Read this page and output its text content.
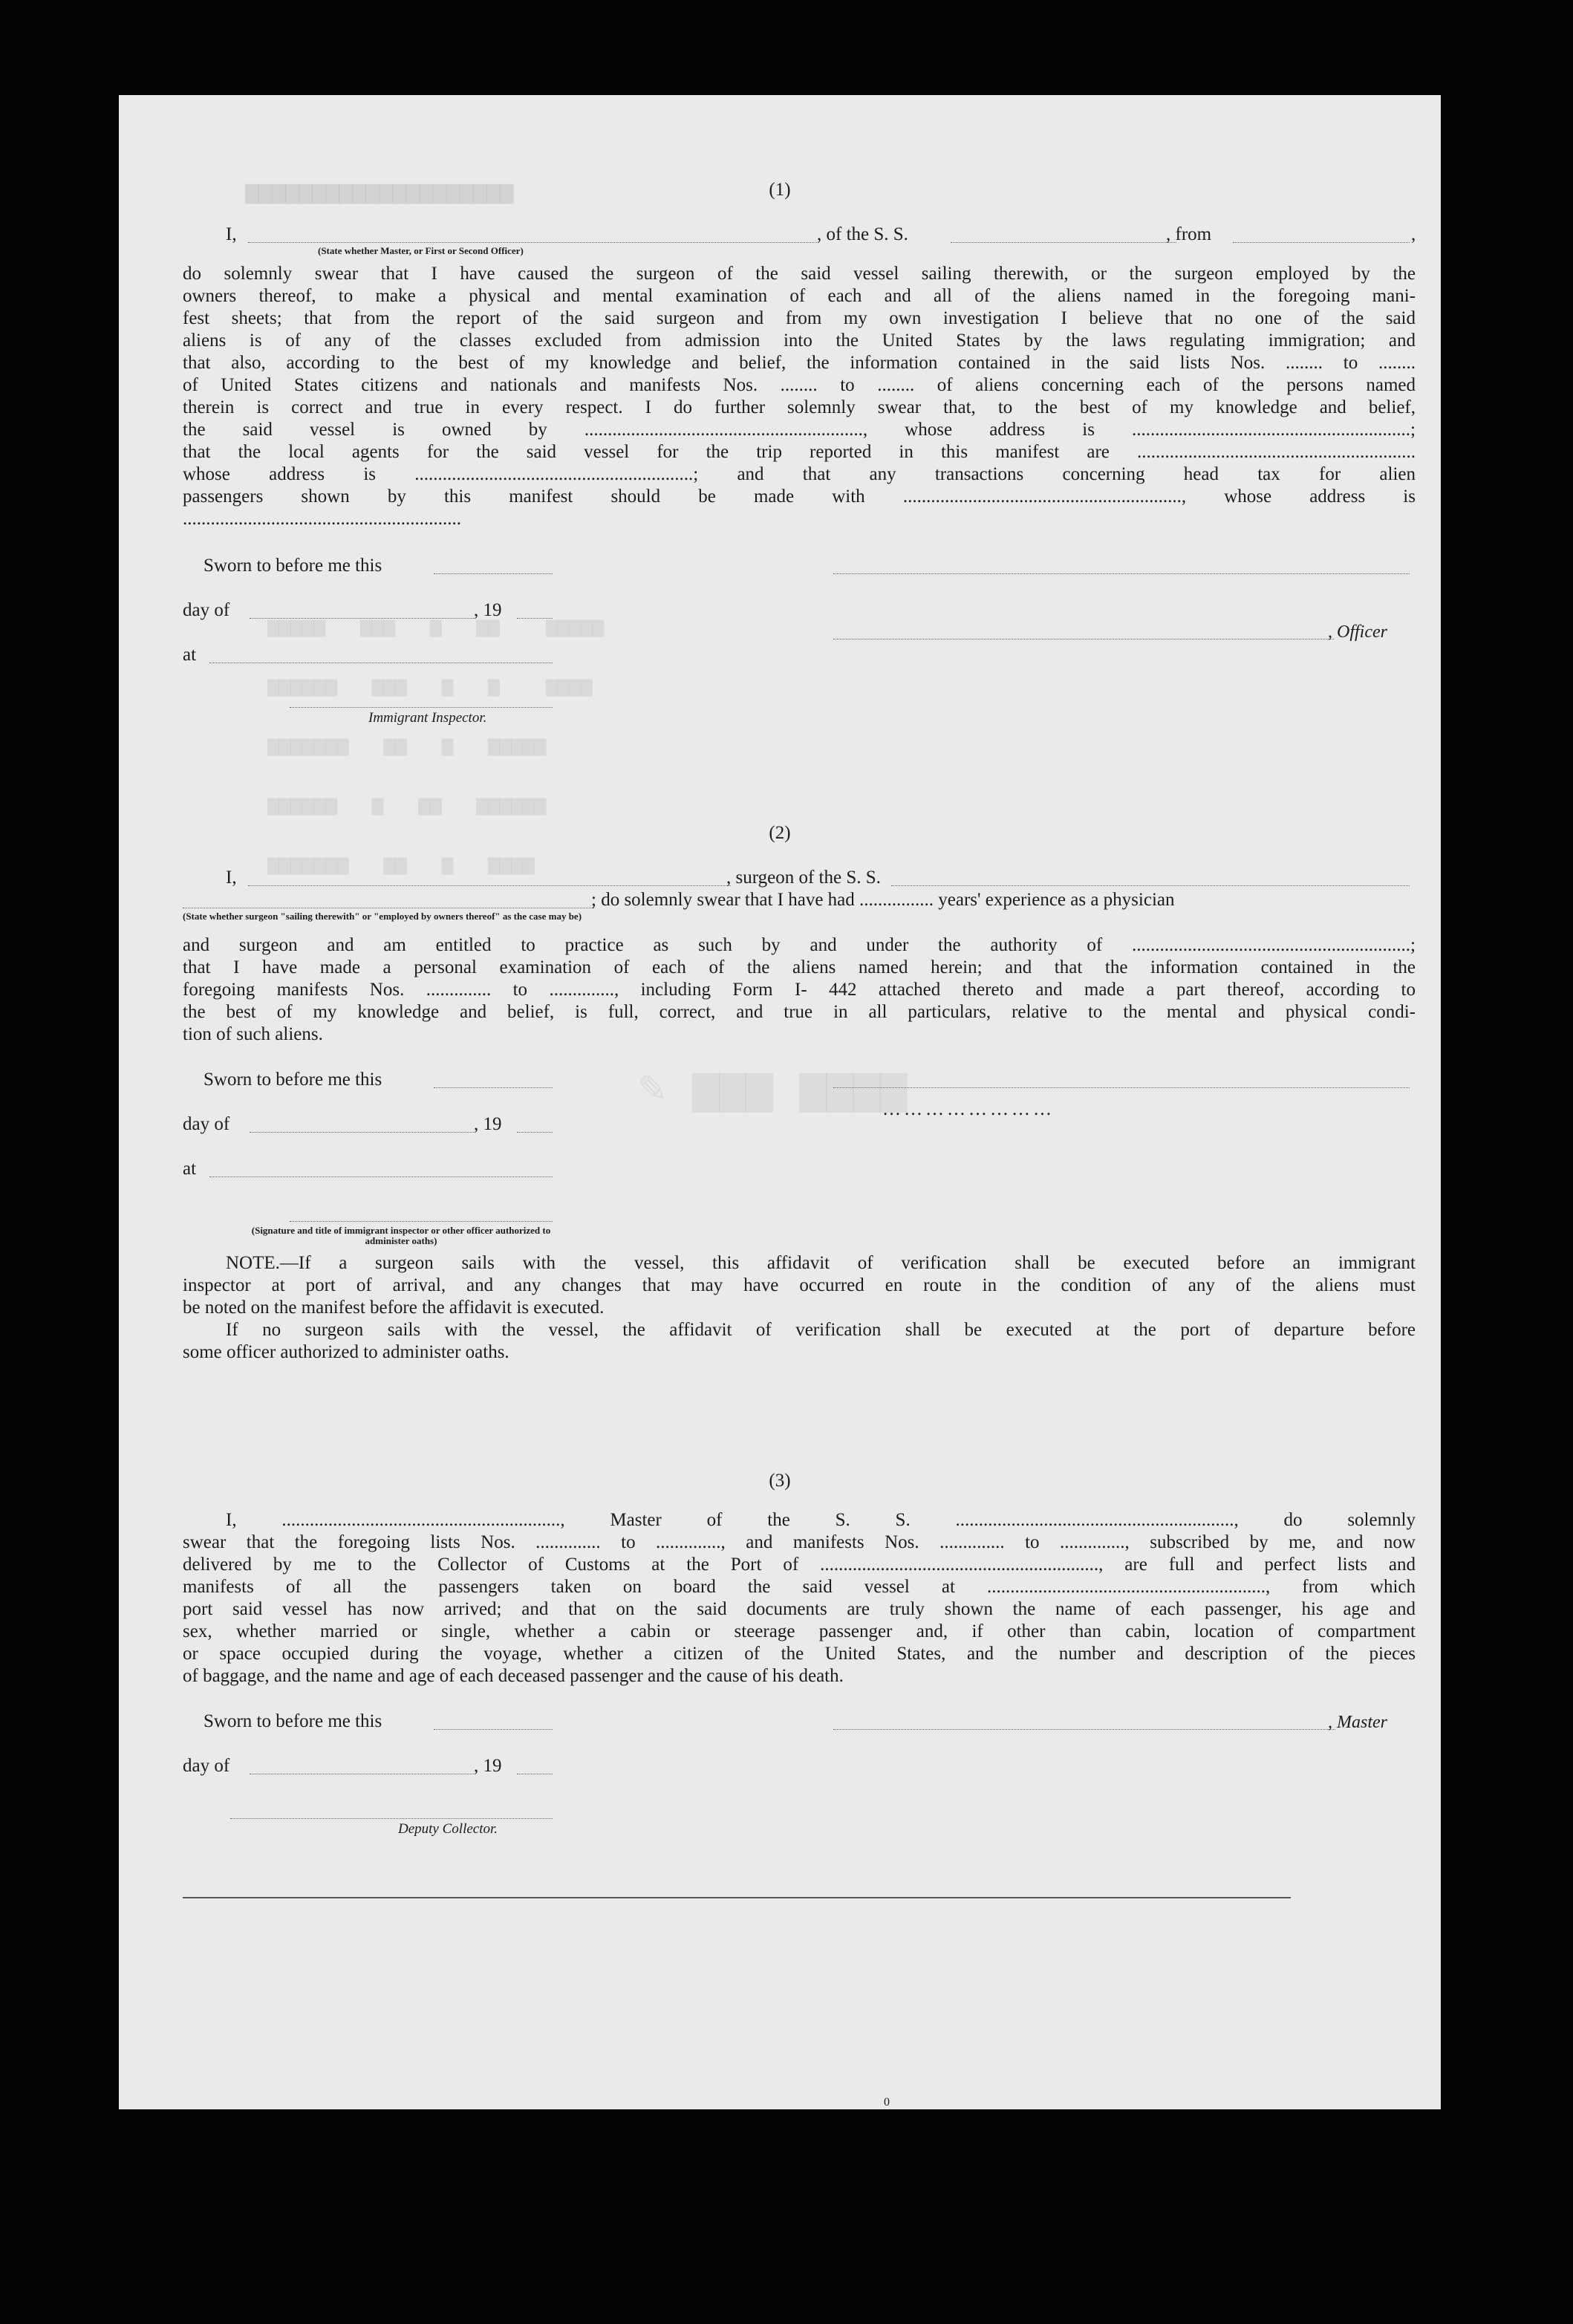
▆▆▆▆▆▆▆▆▆▆▆▆▆▆▆▆▆▆▆▆
▆▆▆▆▆   ▆▆▆   ▆   ▆▆    ▆▆▆▆▆
▆▆▆▆▆▆   ▆▆▆   ▆   ▆    ▆▆▆▆
▆▆▆▆▆▆▆   ▆▆   ▆   ▆▆▆▆▆
▆▆▆▆▆▆   ▆   ▆▆   ▆▆▆▆▆▆
▆▆▆▆▆▆▆   ▆▆   ▆   ▆▆▆▆
✎ ▆▆▆ ▆▆▆▆
(1)
I,	, of the S. S.	, from	,
(State whether Master, or First or Second Officer)
do solemnly swear that I have caused the surgeon of the said vessel sailing therewith, or the surgeon employed by the
owners thereof, to make a physical and mental examination of each and all of the aliens named in the foregoing mani-
fest sheets; that from the report of the said surgeon and from my own investigation I believe that no one of the said
aliens is of any of the classes excluded from admission into the United States by the laws regulating immigration; and
that also, according to the best of my knowledge and belief, the information contained in the said lists Nos. ........ to ........
of United States citizens and nationals and manifests Nos. ........ to ........ of aliens concerning each of the persons named
therein is correct and true in every respect. I do further solemnly swear that, to the best of my knowledge and belief,
the said vessel is owned by ............................................................, whose address is ............................................................;
that the local agents for the said vessel for the trip reported in this manifest are ............................................................
whose address is ............................................................; and that any transactions concerning head tax for alien
passengers shown by this manifest should be made with ............................................................, whose address is
............................................................
Sworn to before me this
day of	, 19
, Officer
at
Immigrant Inspector.
(2)
I,	, surgeon of the S. S.
; do solemnly swear that I have had ................ years' experience as a physician
(State whether surgeon "sailing therewith" or "employed by owners thereof" as the case may be)
and surgeon and am entitled to practice as such by and under the authority of ............................................................;
that I have made a personal examination of each of the aliens named herein; and that the information contained in the
foregoing manifests Nos. .............. to .............., including Form I- 442 attached thereto and made a part thereof, according to
the best of my knowledge and belief, is full, correct, and true in all particulars, relative to the mental and physical condi-
tion of such aliens.
Sworn to before me this
……………………
day of	, 19
at
(Signature and title of immigrant inspector or other officer authorized to administer oaths)
NOTE.—If a surgeon sails with the vessel, this affidavit of verification shall be executed before an immigrant
inspector at port of arrival, and any changes that may have occurred en route in the condition of any of the aliens must
be noted on the manifest before the affidavit is executed.
If no surgeon sails with the vessel, the affidavit of verification shall be executed at the port of departure before
some officer authorized to administer oaths.
(3)
I, ............................................................, Master of the S. S. ............................................................, do solemnly
swear that the foregoing lists Nos. .............. to .............., and manifests Nos. .............. to .............., subscribed by me, and now
delivered by me to the Collector of Customs at the Port of ............................................................, are full and perfect lists and
manifests of all the passengers taken on board the said vessel at ............................................................, from which
port said vessel has now arrived; and that on the said documents are truly shown the name of each passenger, his age and
sex, whether married or single, whether a cabin or steerage passenger and, if other than cabin, location of compartment
or space occupied during the voyage, whether a citizen of the United States, and the number and description of the pieces
of baggage, and the name and age of each deceased passenger and the cause of his death.
Sworn to before me this	, Master
day of	, 19
Deputy Collector.
0
